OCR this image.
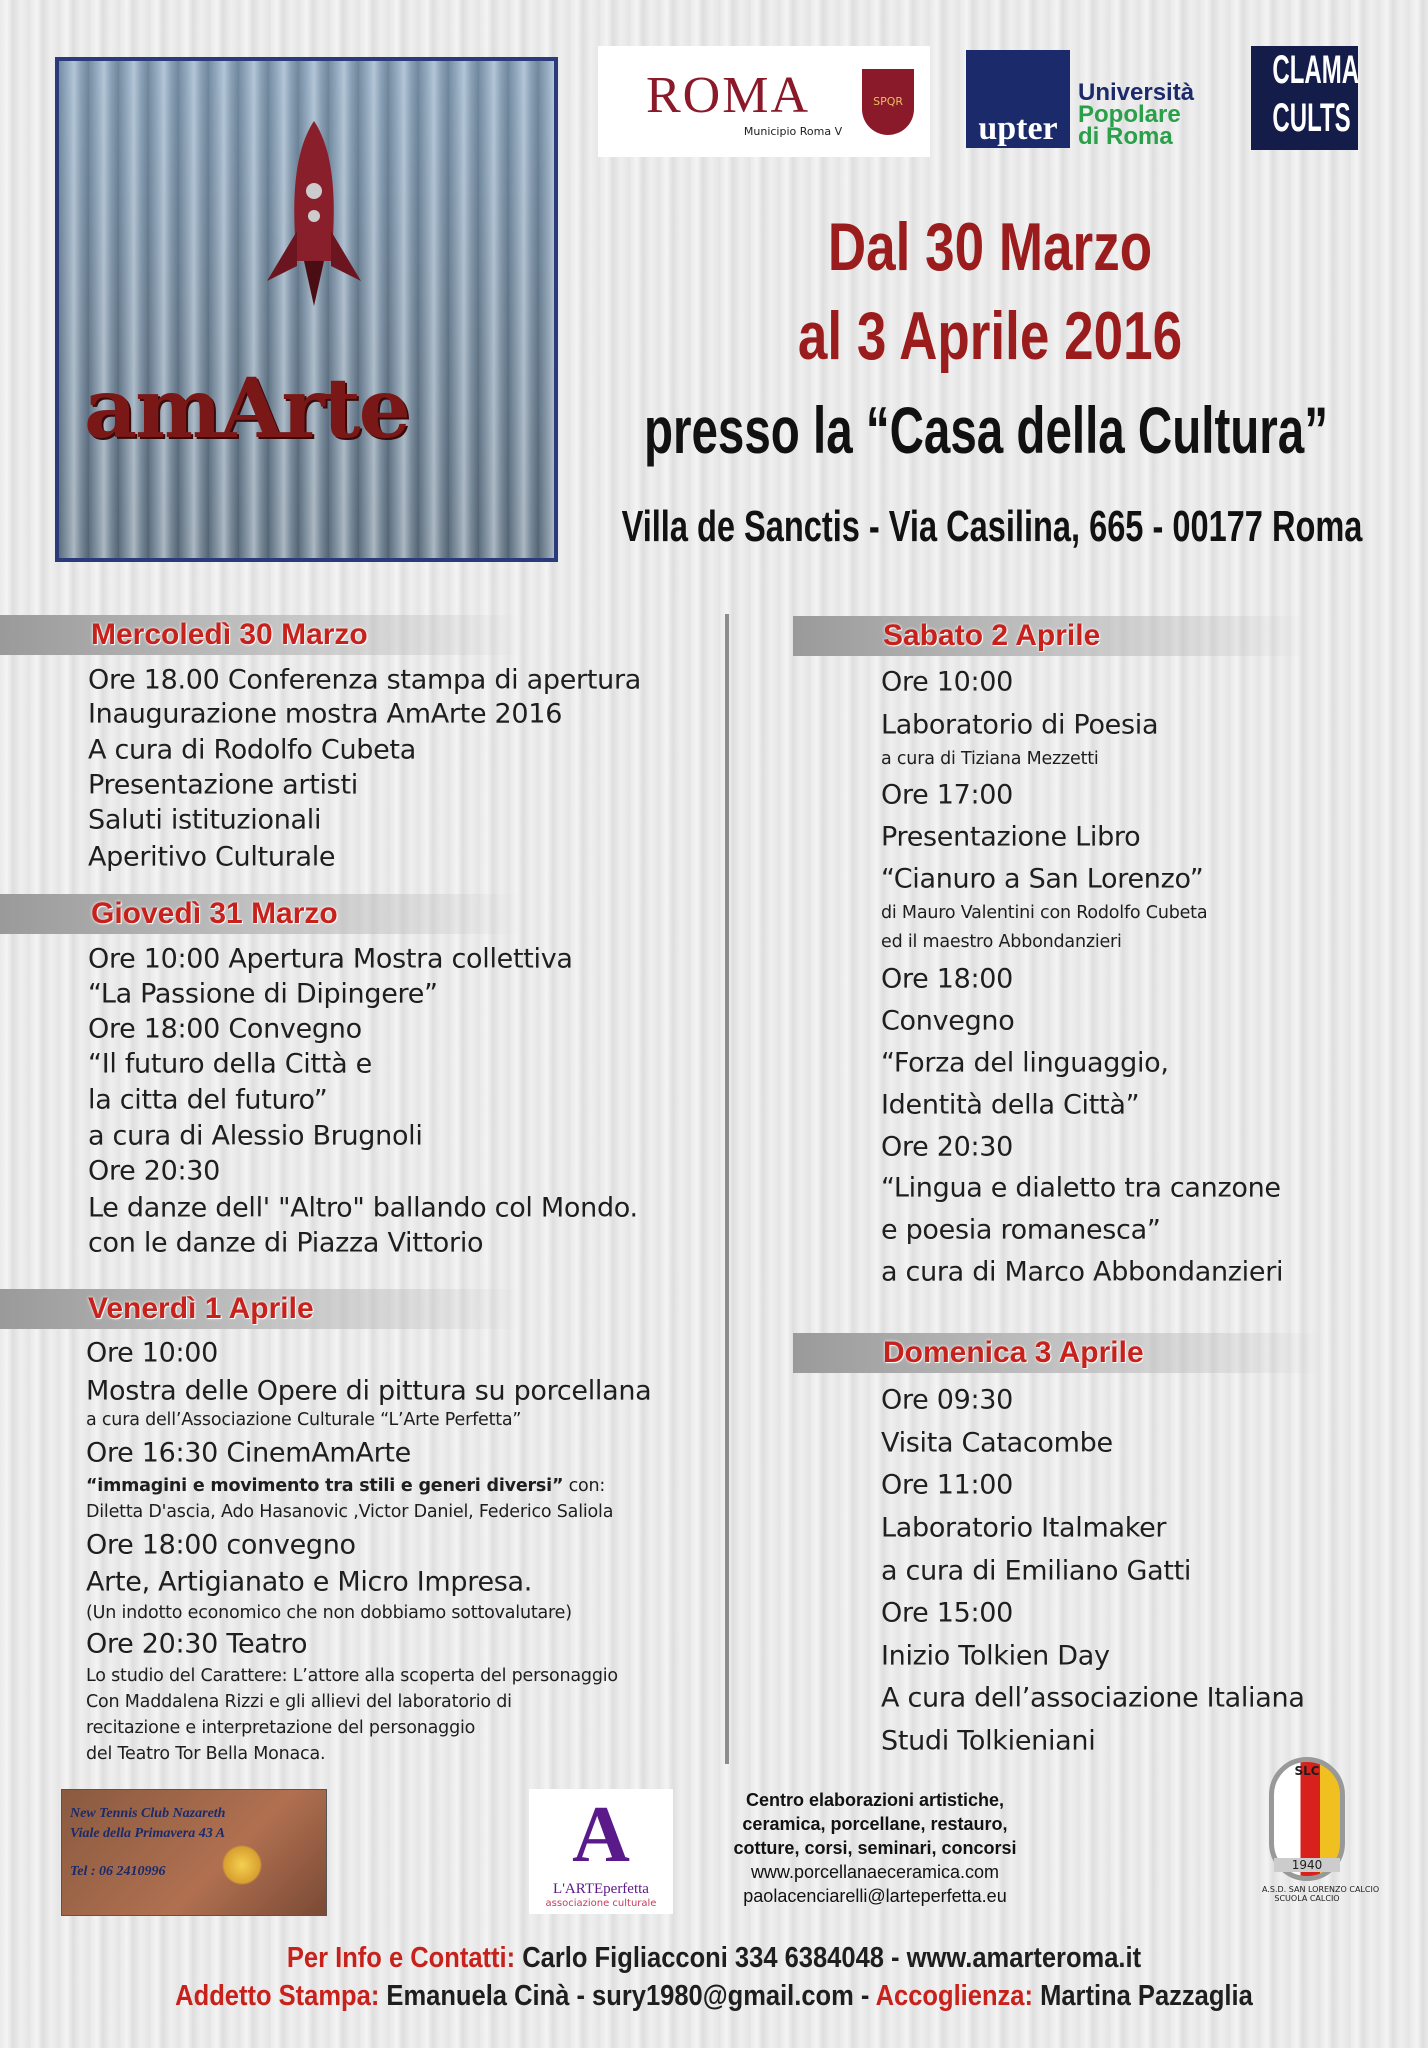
amArte
ROMA
Municipio Roma V
SPQR
upter
Università
Popolare
di Roma
CLAMA
CULTS
Dal 30 Marzo
al 3 Aprile 2016
presso la “Casa della Cultura”
Villa de Sanctis - Via Casilina, 665 - 00177 Roma
Mercoledì 30 Marzo
Ore 18.00 Conferenza stampa di apertura
Inaugurazione mostra AmArte 2016
A cura di Rodolfo Cubeta
Presentazione artisti
Saluti istituzionali
Aperitivo Culturale
Giovedì 31 Marzo
Ore 10:00 Apertura Mostra collettiva
“La Passione di Dipingere”
Ore 18:00 Convegno
“Il futuro della Città e
la citta del futuro”
a cura di Alessio Brugnoli
Ore 20:30
Le danze dell' "Altro" ballando col Mondo.
con le danze di Piazza Vittorio
Venerdì 1 Aprile
Ore 10:00
Mostra delle Opere di pittura su porcellana
a cura dell’Associazione Culturale “L’Arte Perfetta”
Ore 16:30 CinemAmArte
“immagini e movimento tra stili e generi diversi” con:
Diletta D'ascia, Ado Hasanovic ,Victor Daniel, Federico Saliola
Ore 18:00 convegno
Arte, Artigianato e Micro Impresa.
(Un indotto economico che non dobbiamo sottovalutare)
Ore 20:30 Teatro
Lo studio del Carattere: L’attore alla scoperta del personaggio
Con Maddalena Rizzi e gli allievi del laboratorio di
recitazione e interpretazione del personaggio
del Teatro Tor Bella Monaca.
Sabato 2 Aprile
Ore 10:00
Laboratorio di Poesia
a cura di Tiziana Mezzetti
Ore 17:00
Presentazione Libro
“Cianuro a San Lorenzo”
di Mauro Valentini con Rodolfo Cubeta
ed il maestro Abbondanzieri
Ore 18:00
Convegno
“Forza del linguaggio,
Identità della Città”
Ore 20:30
“Lingua e dialetto tra canzone
e poesia romanesca”
a cura di Marco Abbondanzieri
Domenica 3 Aprile
Ore 09:30
Visita Catacombe
Ore 11:00
Laboratorio Italmaker
a cura di Emiliano Gatti
Ore 15:00
Inizio Tolkien Day
A cura dell’associazione Italiana
Studi Tolkieniani
New Tennis Club Nazareth
Viale della Primavera 43 A
Tel : 06 2410996	A
L'ARTEperfetta
associazione culturale
Centro elaborazioni artistiche,
ceramica, porcellane, restauro,
cotture, corsi, seminari, concorsi
www.porcellanaeceramica.com
paolacenciarelli@larteperfetta.eu
SLC
1940
A.S.D. SAN LORENZO CALCIO
SCUOLA CALCIO
Per Info e Contatti: Carlo Figliacconi 334 6384048 - www.amarteroma.it
Addetto Stampa: Emanuela Cinà - sury1980@gmail.com - Accoglienza: Martina Pazzaglia
